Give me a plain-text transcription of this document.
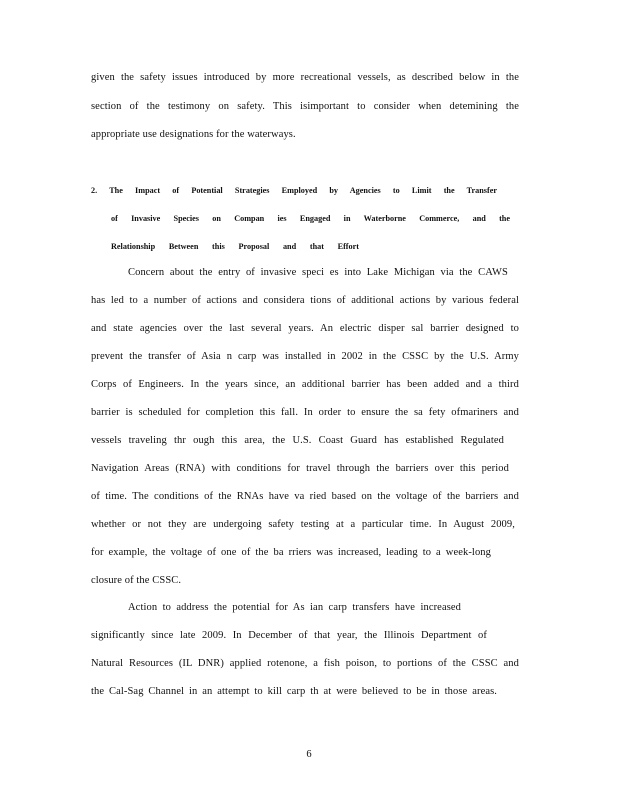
given the safety issues introduced by more recreational vessels, as described below in the
section of the testimony on safety. This isimportant to consider when detemining the
appropriate use designations for the waterways.
2. The Impact of Potential Strategies Employed by Agencies to Limit the Transfer
of Invasive Species on Compan ies Engaged in Waterborne Commerce, and the
Relationship Between this Proposal and that Effort
Concern about the entry of invasive speci es into Lake Michigan via the CAWS
has led to a number of actions and considera tions of additional actions by various federal
and state agencies over the last several years. An electric disper sal barrier designed to
prevent the transfer of Asia n carp was installed in 2002 in the CSSC by the U.S. Army
Corps of Engineers. In the years since, an additional barrier has been added and a third
barrier is scheduled for completion this fall. In order to ensure the sa fety ofmariners and
vessels traveling thr ough this area, the U.S. Coast Guard has established Regulated
Navigation Areas (RNA) with conditions for travel through the barriers over this period
of time. The conditions of the RNAs have va ried based on the voltage of the barriers and
whether or not they are undergoing safety testing at a particular time. In August 2009,
for example, the voltage of one of the ba rriers was increased, leading to a week-long
closure of the CSSC.
Action to address the potential for As ian carp transfers have increased
significantly since late 2009. In December of that year, the Illinois Department of
Natural Resources (IL DNR) applied rotenone, a fish poison, to portions of the CSSC and
the Cal-Sag Channel in an attempt to kill carp th at were believed to be in those areas.
6
